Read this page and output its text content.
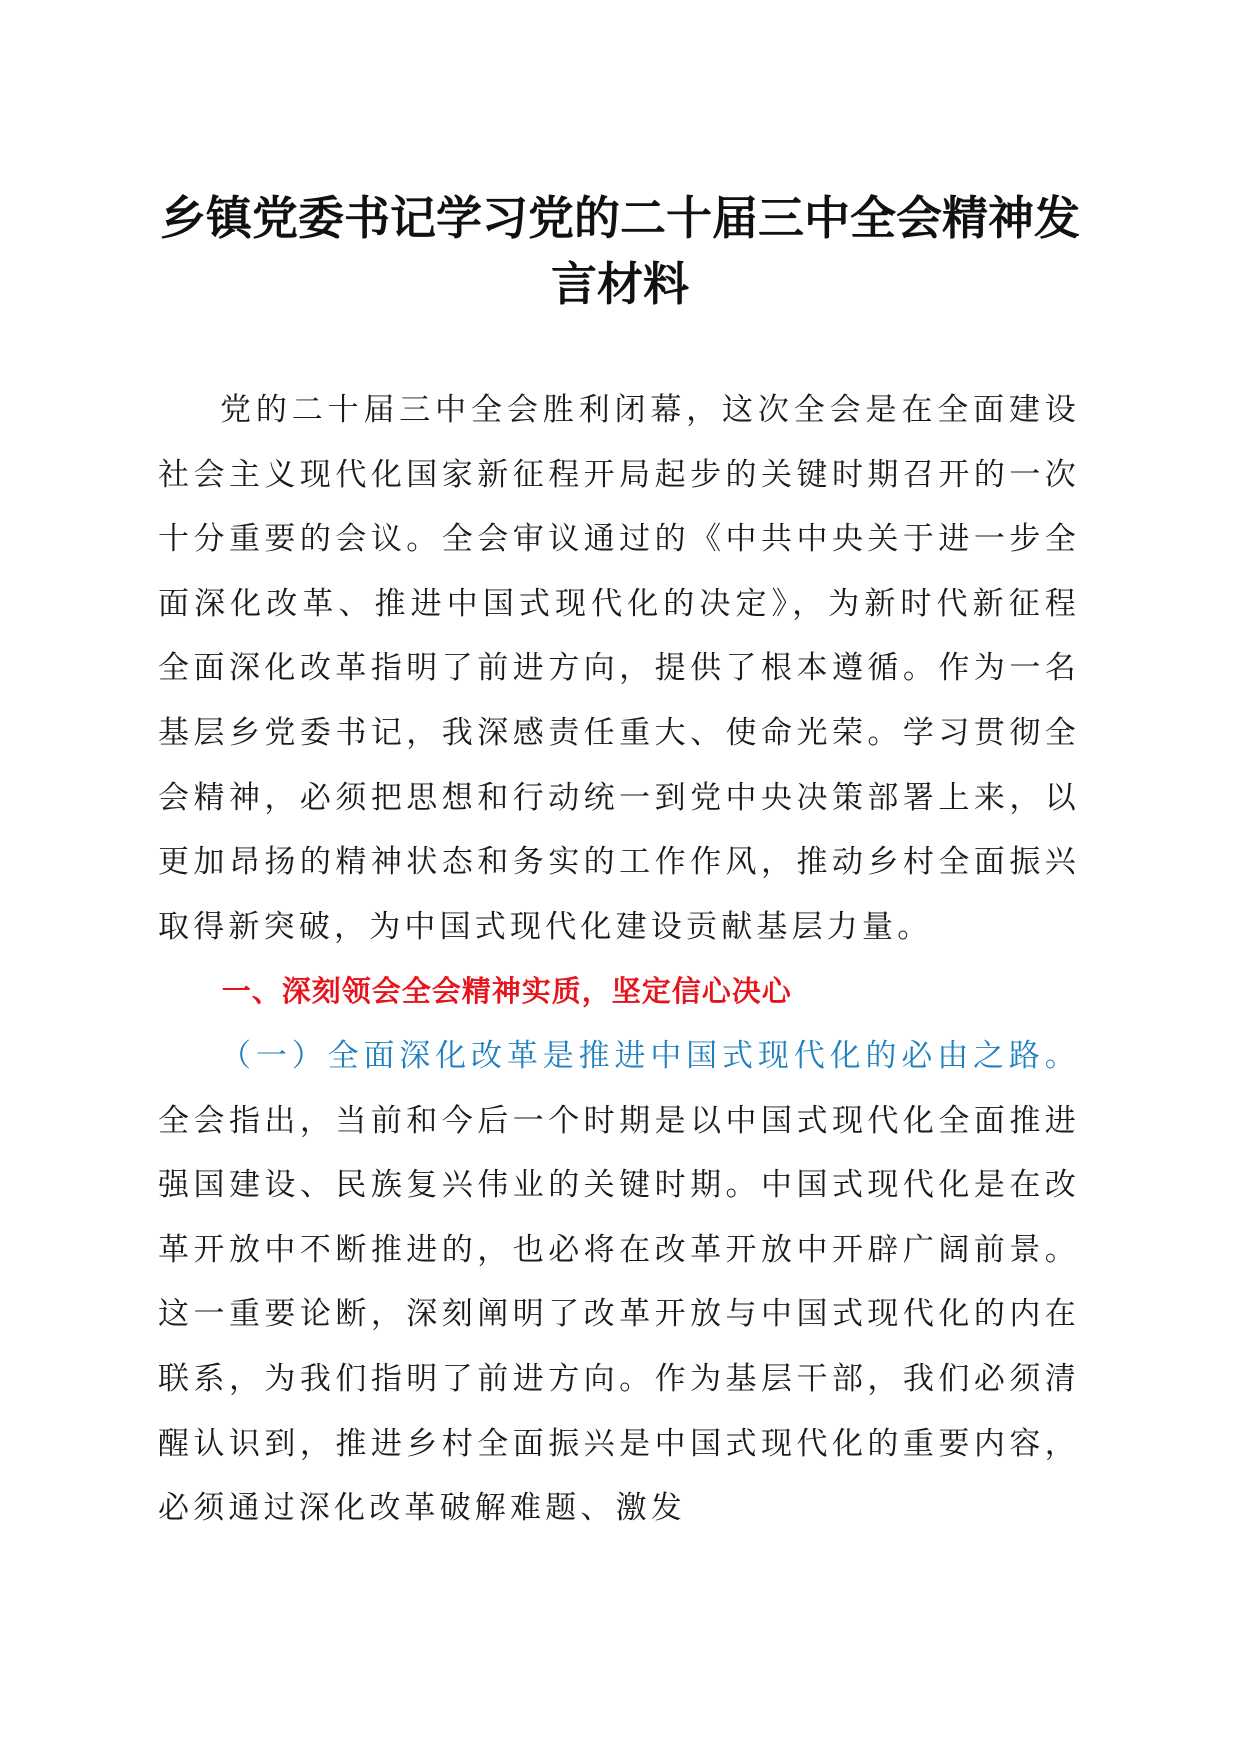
乡镇党委书记学习党的二十届三中全会精神发言材料

党的二十届三中全会胜利闭幕，这次全会是在全面建设社会主义现代化国家新征程开局起步的关键时期召开的一次十分重要的会议。全会审议通过的《中共中央关于进一步全面深化改革、推进中国式现代化的决定》，为新时代新征程全面深化改革指明了前进方向，提供了根本遵循。作为一名基层乡党委书记，我深感责任重大、使命光荣。学习贯彻全会精神，必须把思想和行动统一到党中央决策部署上来，以更加昂扬的精神状态和务实的工作作风，推动乡村全面振兴取得新突破，为中国式现代化建设贡献基层力量。

一、深刻领会全会精神实质，坚定信心决心

（一）全面深化改革是推进中国式现代化的必由之路。全会指出，当前和今后一个时期是以中国式现代化全面推进强国建设、民族复兴伟业的关键时期。中国式现代化是在改革开放中不断推进的，也必将在改革开放中开辟广阔前景。这一重要论断，深刻阐明了改革开放与中国式现代化的内在联系，为我们指明了前进方向。作为基层干部，我们必须清醒认识到，推进乡村全面振兴是中国式现代化的重要内容，必须通过深化改革破解难题、激发
